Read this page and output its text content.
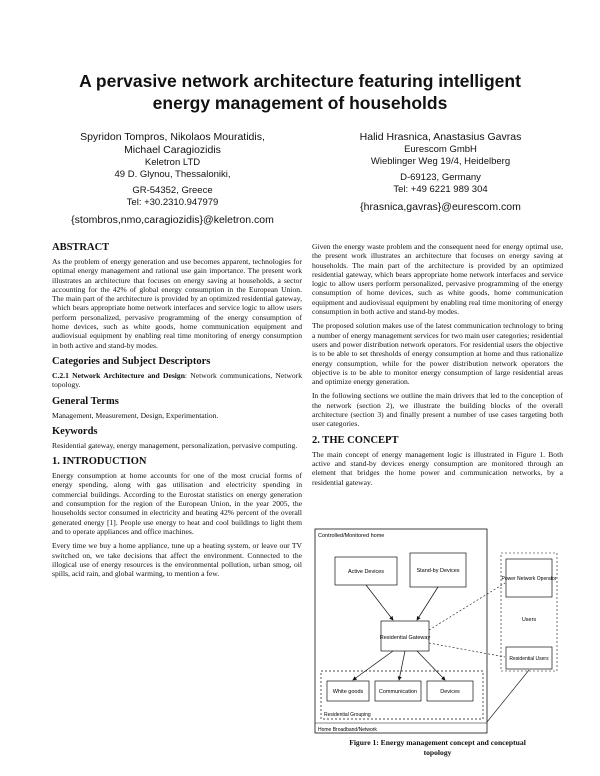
A pervasive network architecture featuring intelligent
energy management of households
Spyridon Tompros, Nikolaos Mouratidis,
Michael Caragiozidis
Keletron LTD
49 D. Glynou, Thessaloniki,
GR-54352, Greece
Tel: +30.2310.947979
{stombros,nmo,caragiozidis}@keletron.com
Halid Hrasnica, Anastasius Gavras
Eurescom GmbH
Wieblinger Weg 19/4, Heidelberg
D-69123, Germany
Tel: +49 6221 989 304
{hrasnica,gavras}@eurescom.com
ABSTRACT

As the problem of energy generation and use becomes apparent, technologies for optimal energy management and rational use gain importance. The present work illustrates an architecture that focuses on energy saving at households, a sector accounting for the 42% of global energy consumption in the European Union. The main part of the architecture is provided by an optimized residential gateway, which bears appropriate home network interfaces and service logic to allow users perform personalized, pervasive programming of the energy consumption of home devices, such as white goods, home communication equipment and audiovisual equipment by enabling real time monitoring of energy consumption in both active and stand-by modes.

Categories and Subject Descriptors

C.2.1 Network Architecture and Design: Network communications, Network topology.

General Terms

Management, Measurement, Design, Experimentation.

Keywords

Residential gateway, energy management, personalization, pervasive computing.

1. INTRODUCTION

Energy consumption at home accounts for one of the most crucial forms of energy spending, along with gas utilisation and electricity spending in commercial buildings. According to the Eurostat statistics on energy generation and consumption for the region of the European Union, in the year 2005, the households sector consumed in electricity and heating 42% percent of the overall generated energy [1]. People use energy to heat and cool buildings to light them and to operate appliances and office machines.

Every time we buy a home appliance, tune up a heating system, or leave our TV switched on, we take decisions that affect the environment. Connected to the illogical use of energy resources is the environmental pollution, urban smog, oil spills, acid rain, and global warming, to mention a few.

Given the energy waste problem and the consequent need for energy optimal use, the present work illustrates an architecture that focuses on energy saving at households. The main part of the architecture is provided by an optimized residential gateway, which bears appropriate home network interfaces and service logic to allow users perform personalized, pervasive programming of the energy consumption of home devices, such as white goods, home communication equipment and audiovisual equipment by enabling real time monitoring of energy consumption in both active and stand-by modes.

The proposed solution makes use of the latest communication technology to bring a number of energy management services for two main user categories; residential users and power distribution network operators. For residential users the objective is to be able to set thresholds of energy consumption at home and thus rationalize energy consumption, while for the power distribution network operators the objective is to be able to monitor energy consumption of large residential areas and optimize energy generation.

In the following sections we outline the main drivers that led to the conception of the network (section 2), we illustrate the building blocks of the overall architecture (section 3) and finally present a number of use cases targeting both user categories.

2. THE CONCEPT

The main concept of energy management logic is illustrated in Figure 1. Both active and stand-by devices energy consumption are monitored through an element that bridges the home power and communication networks, by a residential gateway.

Controlled/Monitored home
Active Devices	Stand-by Devices
Residential Gateway
Residential Grouping
White goods	Communication	Devices
Home Broadband/Network
Power Network Operator
Users
Residential Users
Figure 1: Energy management concept and conceptual
topology
